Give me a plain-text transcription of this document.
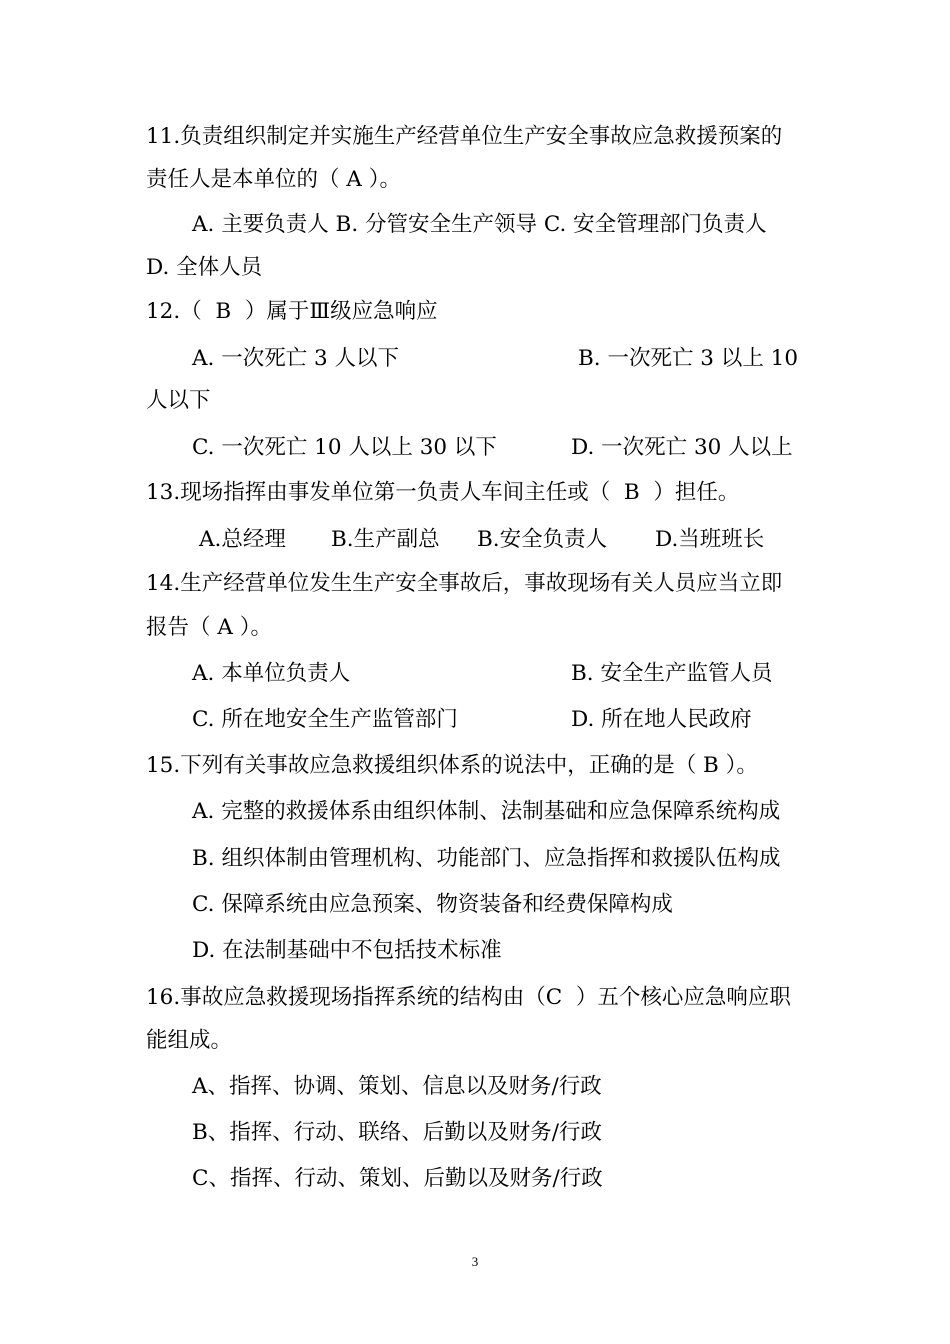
11.负责组织制定并实施生产经营单位生产安全事故应急救援预案的
责任人是本单位的（ A ）。
A. 主要负责人 B. 分管安全生产领导 C. 安全管理部门负责人
D. 全体人员
12.（  B  ）属于Ⅲ级应急响应
A. 一次死亡 3 人以下	B. 一次死亡 3 以上 10
人以下
C. 一次死亡 10 人以上 30 以下	D. 一次死亡 30 人以上
13.现场指挥由事发单位第一负责人车间主任或（  B  ）担任。
A.总经理 B.生产副总 B.安全负责人 D.当班班长
14.生产经营单位发生生产安全事故后，事故现场有关人员应当立即
报告（ A ）。
A. 本单位负责人	B. 安全生产监管人员
C. 所在地安全生产监管部门	D. 所在地人民政府
15.下列有关事故应急救援组织体系的说法中，正确的是（ B ）。
A. 完整的救援体系由组织体制、法制基础和应急保障系统构成
B. 组织体制由管理机构、功能部门、应急指挥和救援队伍构成
C. 保障系统由应急预案、物资装备和经费保障构成
D. 在法制基础中不包括技术标准
16.事故应急救援现场指挥系统的结构由（C  ）五个核心应急响应职
能组成。
A、指挥、协调、策划、信息以及财务/行政
B、指挥、行动、联络、后勤以及财务/行政
C、指挥、行动、策划、后勤以及财务/行政
3
